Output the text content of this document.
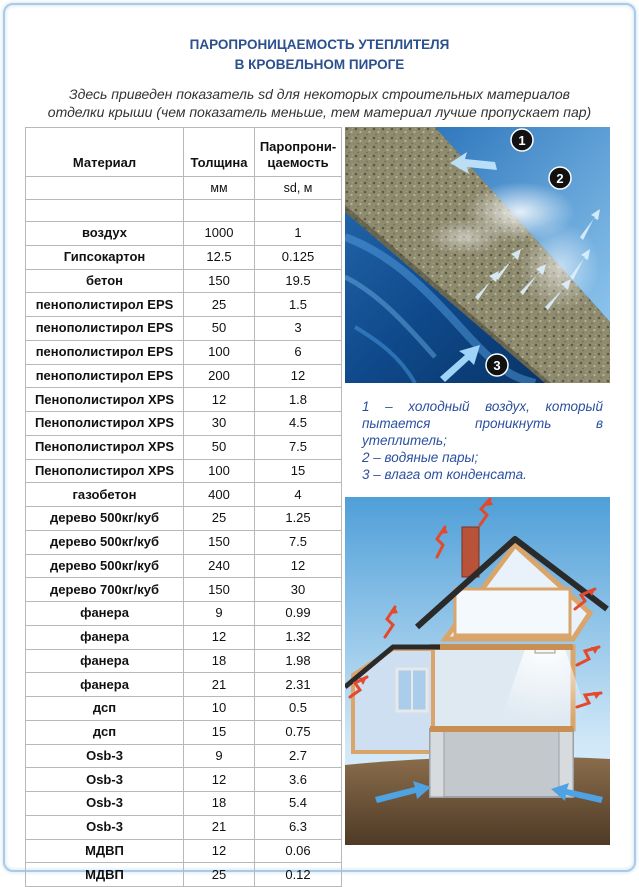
ПАРОПРОНИЦАЕМОСТЬ УТЕПЛИТЕЛЯ
В КРОВЕЛЬНОМ ПИРОГЕ
Здесь приведен показатель sd для некоторых строительных материалов
отделки крыши (чем показатель меньше, тем материал лучше пропускает пар)
Материал	Толщина	Паропрони-
цаемость

	мм	sd, м

воздух	1000	1
Гипсокартон	12.5	0.125
бетон	150	19.5
пенополистирол EPS	25	1.5
пенополистирол EPS	50	3
пенополистирол EPS	100	6
пенополистирол EPS	200	12
Пенополистирол XPS	12	1.8
Пенополистирол XPS	30	4.5
Пенополистирол XPS	50	7.5
Пенополистирол XPS	100	15
газобетон	400	4
дерево 500кг/куб	25	1.25
дерево 500кг/куб	150	7.5
дерево 500кг/куб	240	12
дерево 700кг/куб	150	30
фанера	9	0.99
фанера	12	1.32
фанера	18	1.98
фанера	21	2.31
дсп	10	0.5
дсп	15	0.75
Osb-3	9	2.7
Osb-3	12	3.6
Osb-3	18	5.4
Osb-3	21	6.3
МДВП	12	0.06
МДВП	25	0.12
1
2
3

1 – холодный воздух, который пытается проникнуть в утеплитель;

2 – водяные пары;

3 – влага от конденсата.
